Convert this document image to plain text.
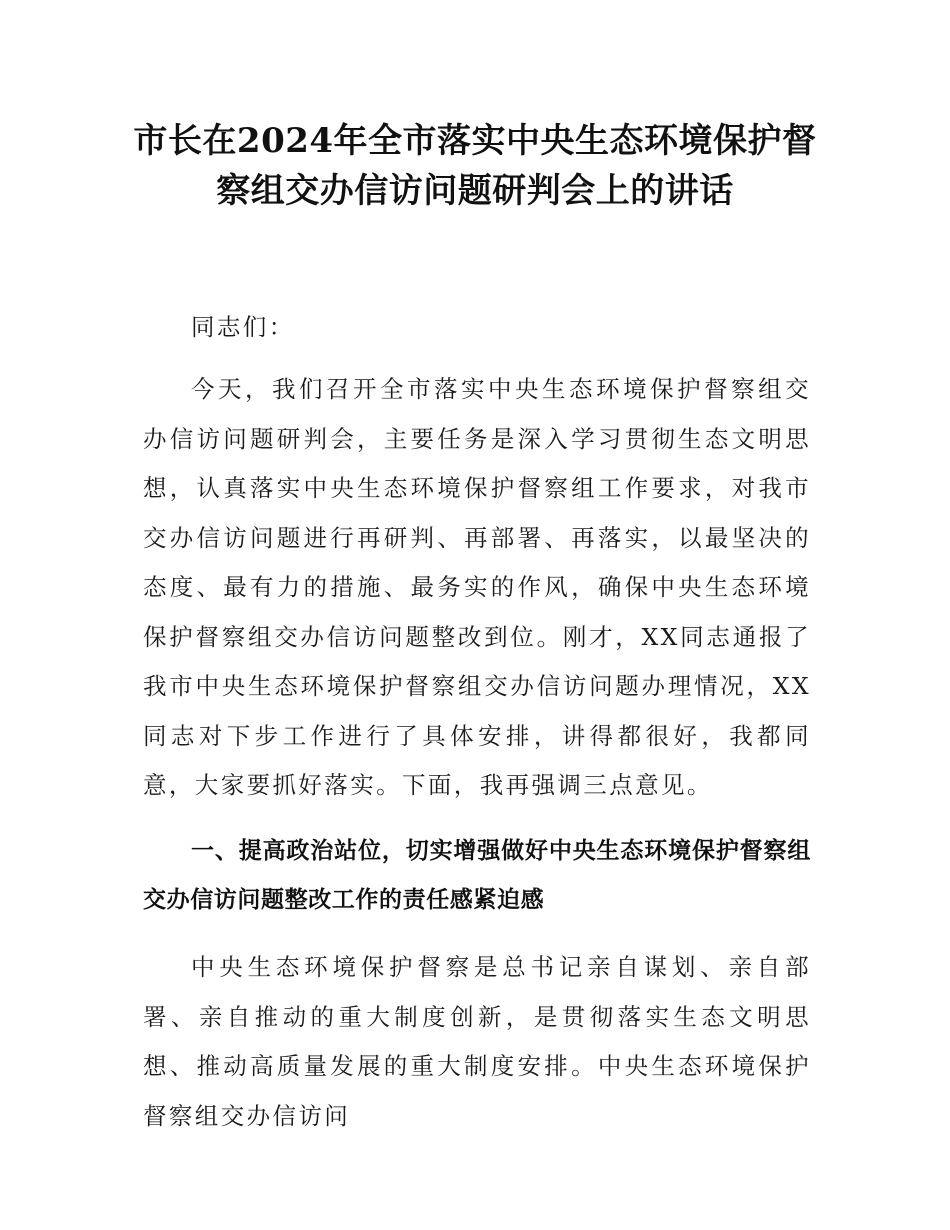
市长在2024年全市落实中央生态环境保护督察组交办信访问题研判会上的讲话

同志们：

今天，我们召开全市落实中央生态环境保护督察组交办信访问题研判会，主要任务是深入学习贯彻生态文明思想，认真落实中央生态环境保护督察组工作要求，对我市交办信访问题进行再研判、再部署、再落实，以最坚决的态度、最有力的措施、最务实的作风，确保中央生态环境保护督察组交办信访问题整改到位。刚才，XX同志通报了我市中央生态环境保护督察组交办信访问题办理情况，XX同志对下步工作进行了具体安排，讲得都很好，我都同意，大家要抓好落实。下面，我再强调三点意见。

一、提高政治站位，切实增强做好中央生态环境保护督察组交办信访问题整改工作的责任感紧迫感

中央生态环境保护督察是总书记亲自谋划、亲自部署、亲自推动的重大制度创新，是贯彻落实生态文明思想、推动高质量发展的重大制度安排。中央生态环境保护督察组交办信访问
